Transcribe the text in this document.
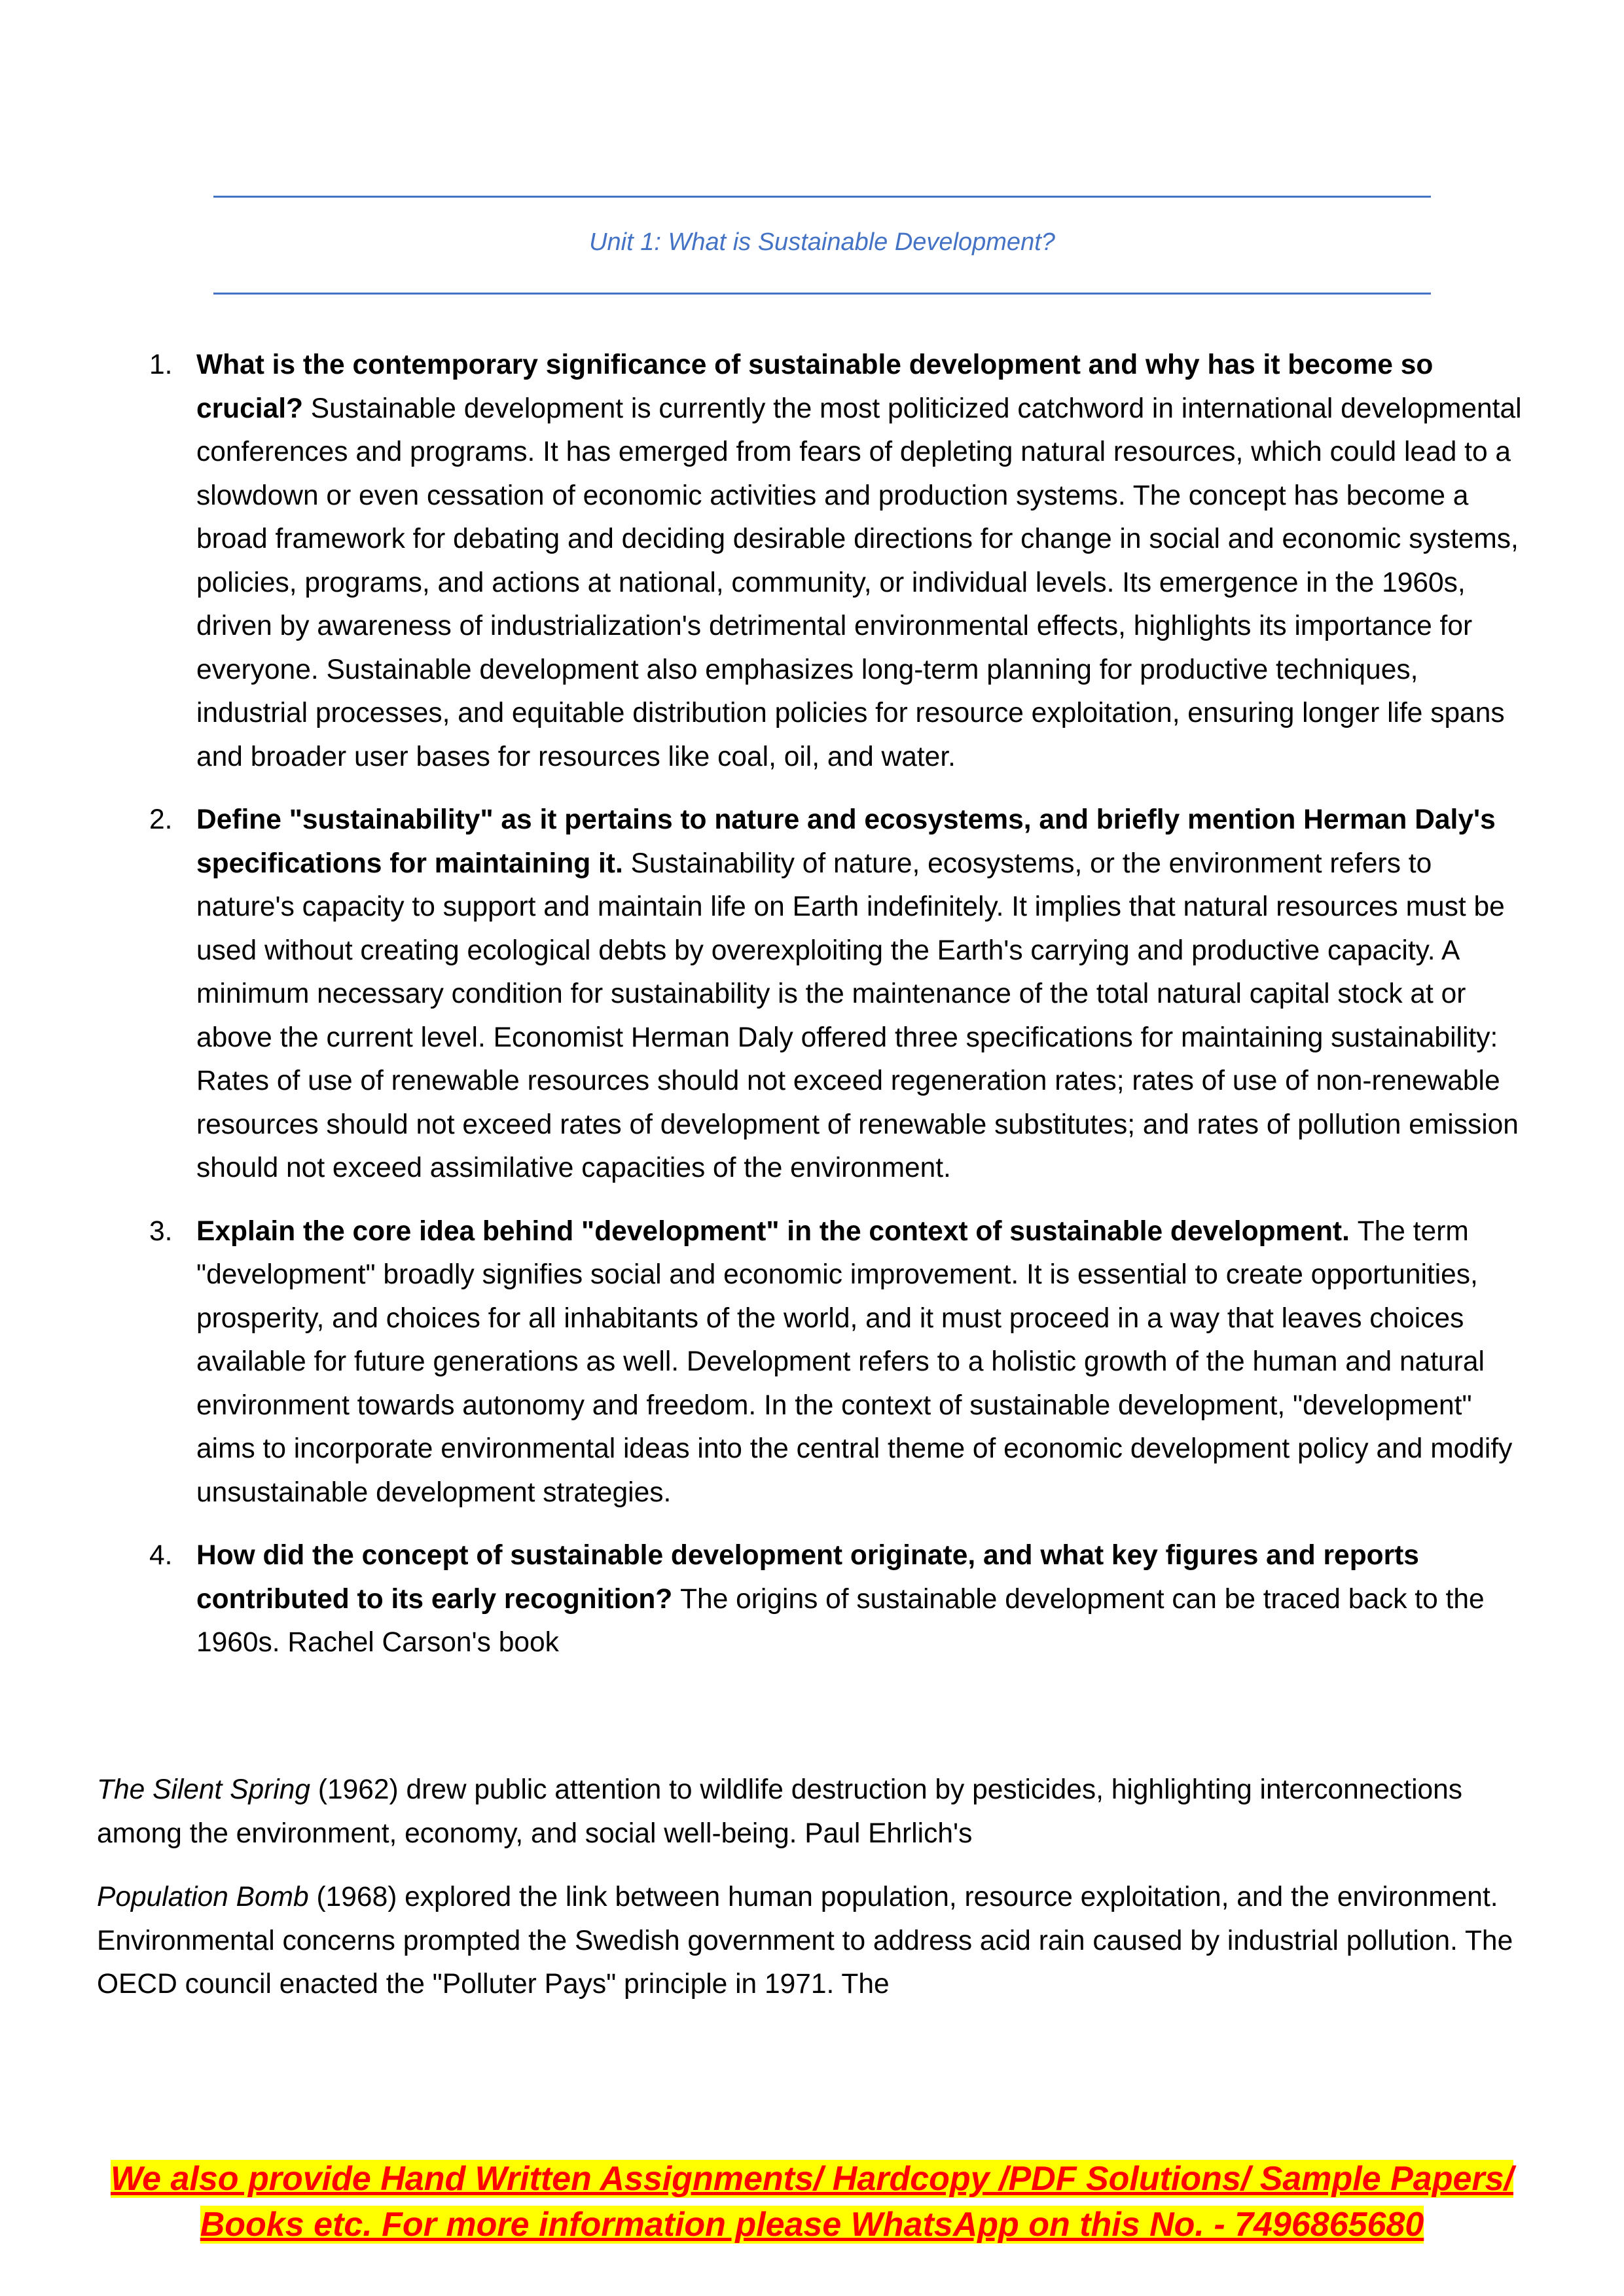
Unit 1: What is Sustainable Development?
1. What is the contemporary significance of sustainable development and why has it become so crucial? Sustainable development is currently the most politicized catchword in international developmental conferences and programs. It has emerged from fears of depleting natural resources, which could lead to a slowdown or even cessation of economic activities and production systems. The concept has become a broad framework for debating and deciding desirable directions for change in social and economic systems, policies, programs, and actions at national, community, or individual levels. Its emergence in the 1960s, driven by awareness of industrialization's detrimental environmental effects, highlights its importance for everyone. Sustainable development also emphasizes long-term planning for productive techniques, industrial processes, and equitable distribution policies for resource exploitation, ensuring longer life spans and broader user bases for resources like coal, oil, and water.
2. Define "sustainability" as it pertains to nature and ecosystems, and briefly mention Herman Daly's specifications for maintaining it. Sustainability of nature, ecosystems, or the environment refers to nature's capacity to support and maintain life on Earth indefinitely. It implies that natural resources must be used without creating ecological debts by overexploiting the Earth's carrying and productive capacity. A minimum necessary condition for sustainability is the maintenance of the total natural capital stock at or above the current level. Economist Herman Daly offered three specifications for maintaining sustainability: Rates of use of renewable resources should not exceed regeneration rates; rates of use of non-renewable resources should not exceed rates of development of renewable substitutes; and rates of pollution emission should not exceed assimilative capacities of the environment.
3. Explain the core idea behind "development" in the context of sustainable development. The term "development" broadly signifies social and economic improvement. It is essential to create opportunities, prosperity, and choices for all inhabitants of the world, and it must proceed in a way that leaves choices available for future generations as well. Development refers to a holistic growth of the human and natural environment towards autonomy and freedom. In the context of sustainable development, "development" aims to incorporate environmental ideas into the central theme of economic development policy and modify unsustainable development strategies.
4. How did the concept of sustainable development originate, and what key figures and reports contributed to its early recognition? The origins of sustainable development can be traced back to the 1960s. Rachel Carson's book

The Silent Spring (1962) drew public attention to wildlife destruction by pesticides, highlighting interconnections among the environment, economy, and social well-being. Paul Ehrlich's

Population Bomb (1968) explored the link between human population, resource exploitation, and the environment. Environmental concerns prompted the Swedish government to address acid rain caused by industrial pollution. The OECD council enacted the "Polluter Pays" principle in 1971. The

We also provide Hand Written Assignments/ Hardcopy /PDF Solutions/ Sample Papers/
Books etc. For more information please WhatsApp on this No. - 7496865680
